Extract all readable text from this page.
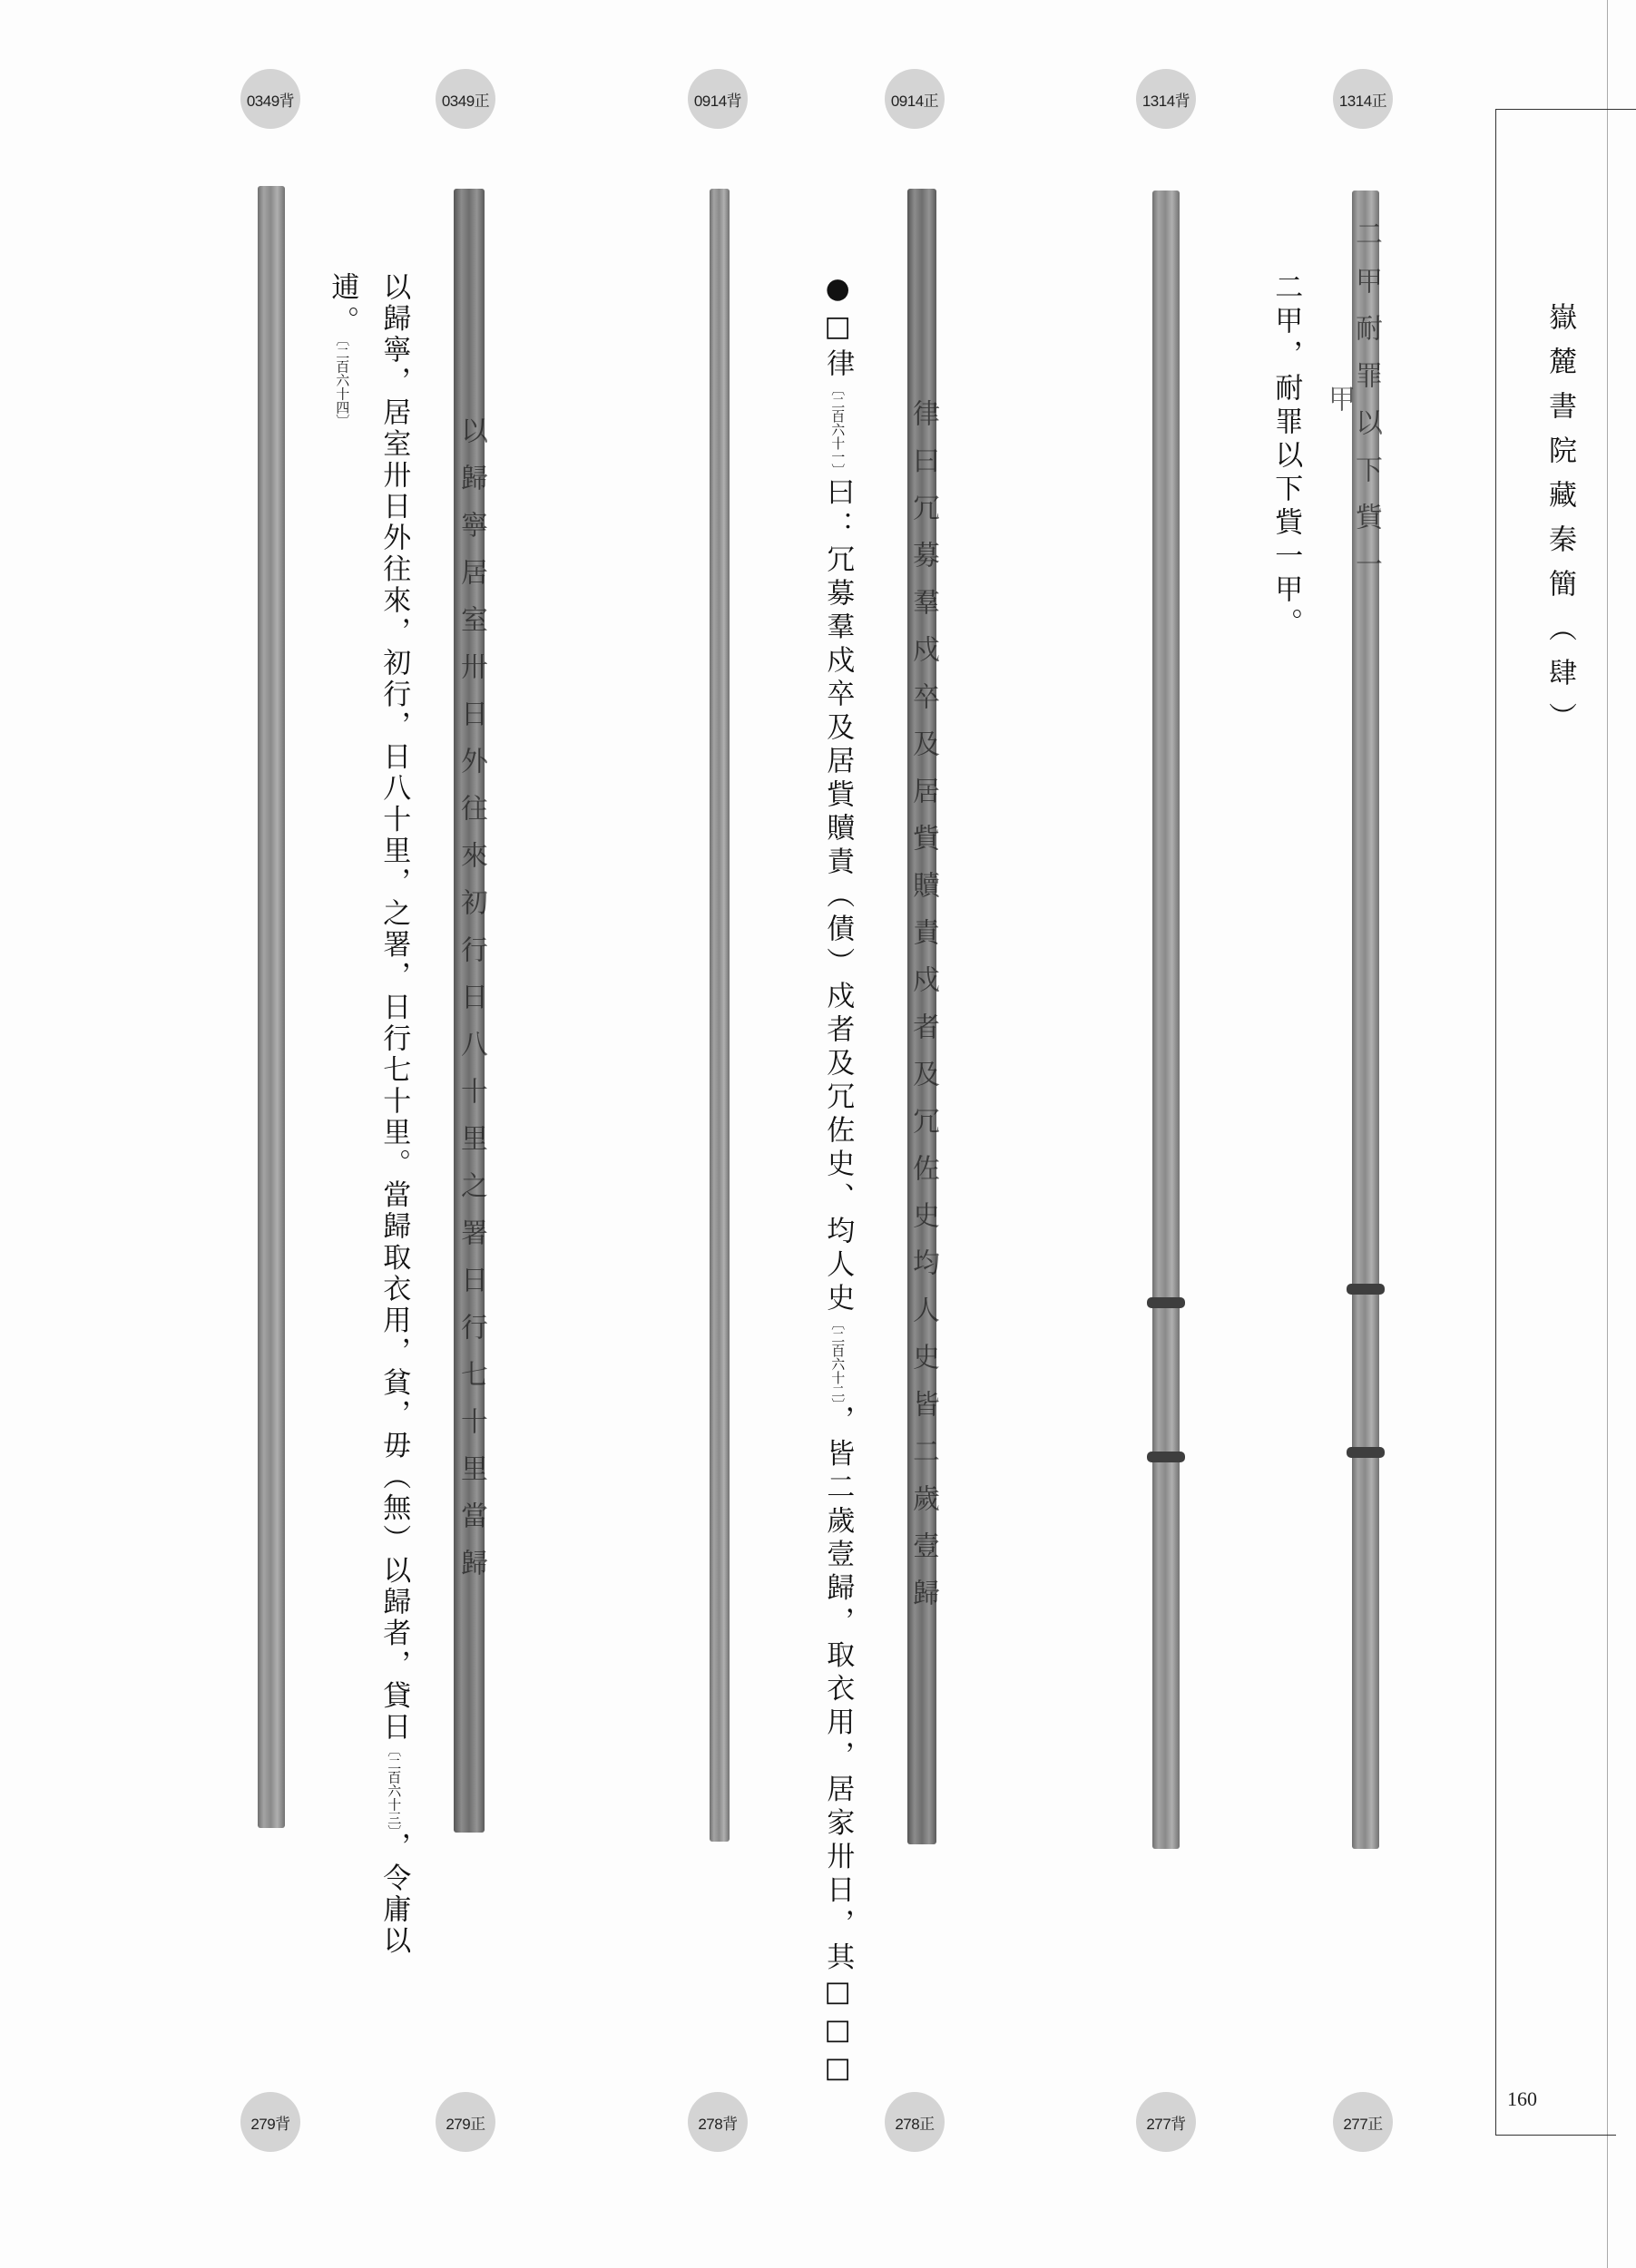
0349背	0349正	0914背	0914正	1314背	1314正
以歸寧居室卅日外往來初行日八十里之署日行七十里當歸	律曰冗募羣戍卒及居貲贖責戍者及冗佐史均人史皆二歲壹歸	二甲耐罪以下貲一甲
二甲，耐罪以下貲一甲。
●□律〔二百六十一〕曰：冗募羣戍卒及居貲贖責（債）戍者及冗佐史、均人史〔二百六十二〕，皆二歲壹歸，取衣用，居家卅日，其□□□
以歸寧，居室卅日外往來，初行，日八十里，之署，日行七十里。當歸取衣用，貧，毋（無）以歸者，貸日〔二百六十三〕，令庸以
逋。〔二百六十四〕
279背	279正	278背	278正	277背	277正
嶽麓書院藏秦簡（肆）
160
